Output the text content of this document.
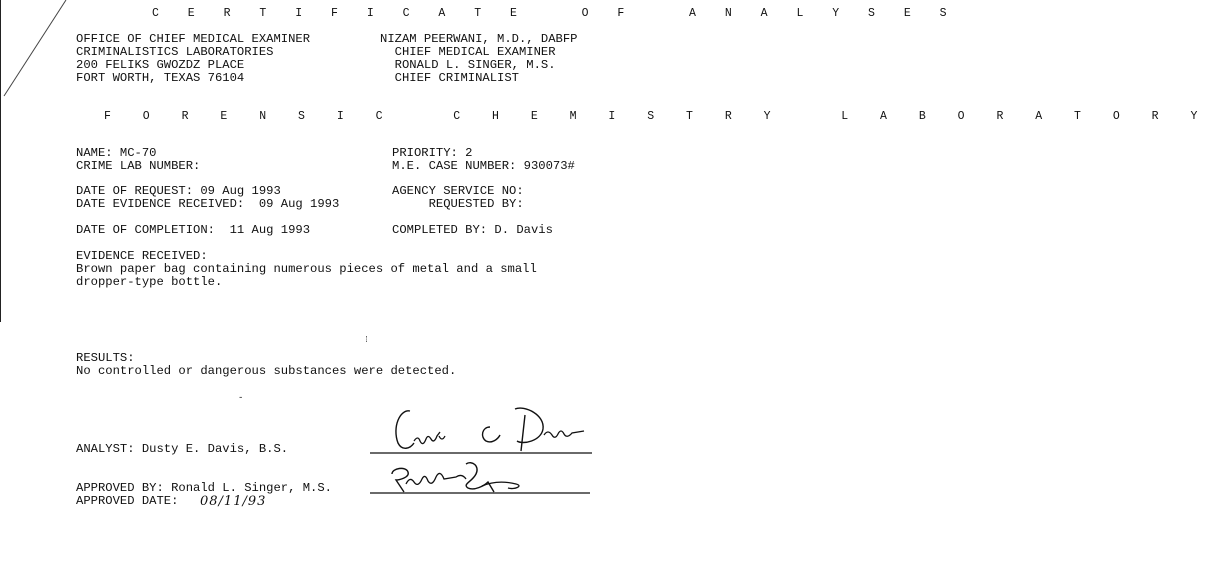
C E R T I F I C A T E   O F   A N A L Y S E S
OFFICE OF CHIEF MEDICAL EXAMINER
CRIMINALISTICS LABORATORIES
200 FELIKS GWOZDZ PLACE
FORT WORTH, TEXAS 76104
NIZAM PEERWANI, M.D., DABFP
CHIEF MEDICAL EXAMINER
RONALD L. SINGER, M.S.
CHIEF CRIMINALIST
F O R E N S I C   C H E M I S T R Y   L A B O R A T O R Y
NAME: MC-70
CRIME LAB NUMBER:
PRIORITY: 2
M.E. CASE NUMBER: 930073#
DATE OF REQUEST: 09 Aug 1993
DATE EVIDENCE RECEIVED:  09 Aug 1993
AGENCY SERVICE NO:
REQUESTED BY:
DATE OF COMPLETION:  11 Aug 1993	COMPLETED BY: D. Davis
EVIDENCE RECEIVED:
Brown paper bag containing numerous pieces of metal and a small
dropper-type bottle.
⁞
RESULTS:
No controlled or dangerous substances were detected.
ANALYST: Dusty E. Davis, B.S.
APPROVED BY: Ronald L. Singer, M.S.
APPROVED DATE: 08/11/93
-
